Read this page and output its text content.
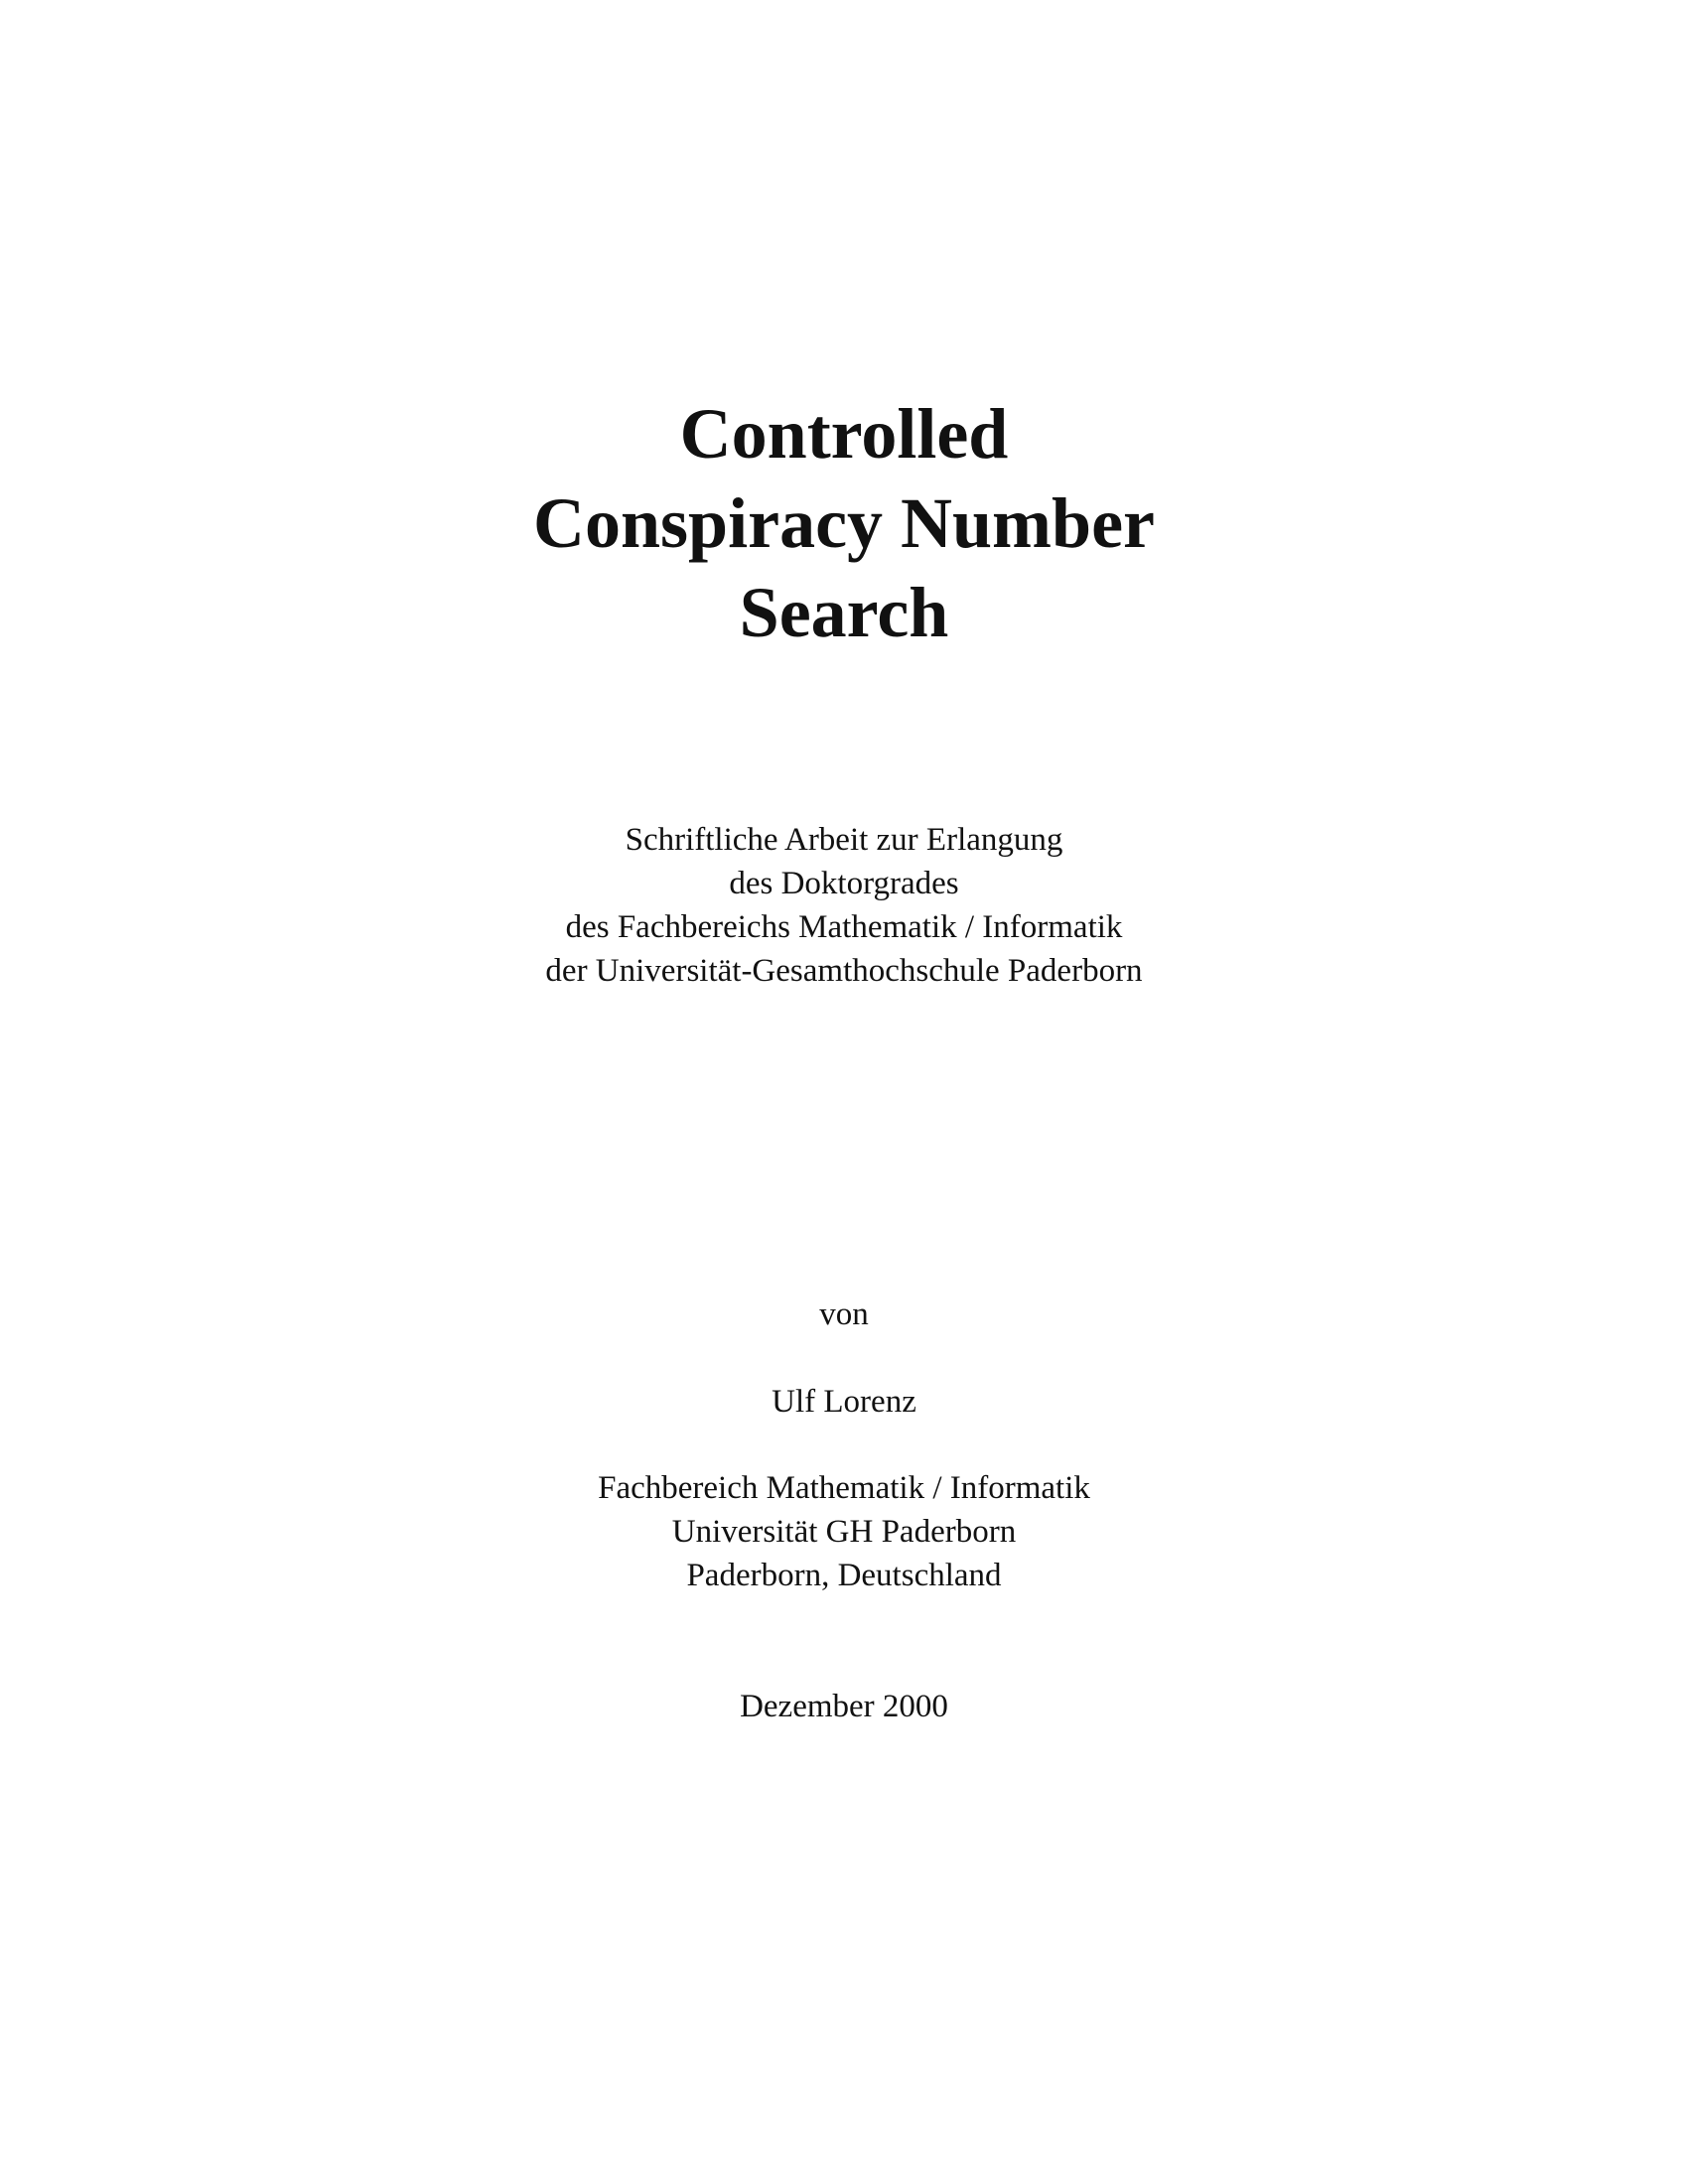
Controlled
Conspiracy Number
Search
Schriftliche Arbeit zur Erlangung
des Doktorgrades
des Fachbereichs Mathematik / Informatik
der Universität-Gesamthochschule Paderborn
von
Ulf Lorenz
Fachbereich Mathematik / Informatik
Universität GH Paderborn
Paderborn, Deutschland
Dezember 2000
